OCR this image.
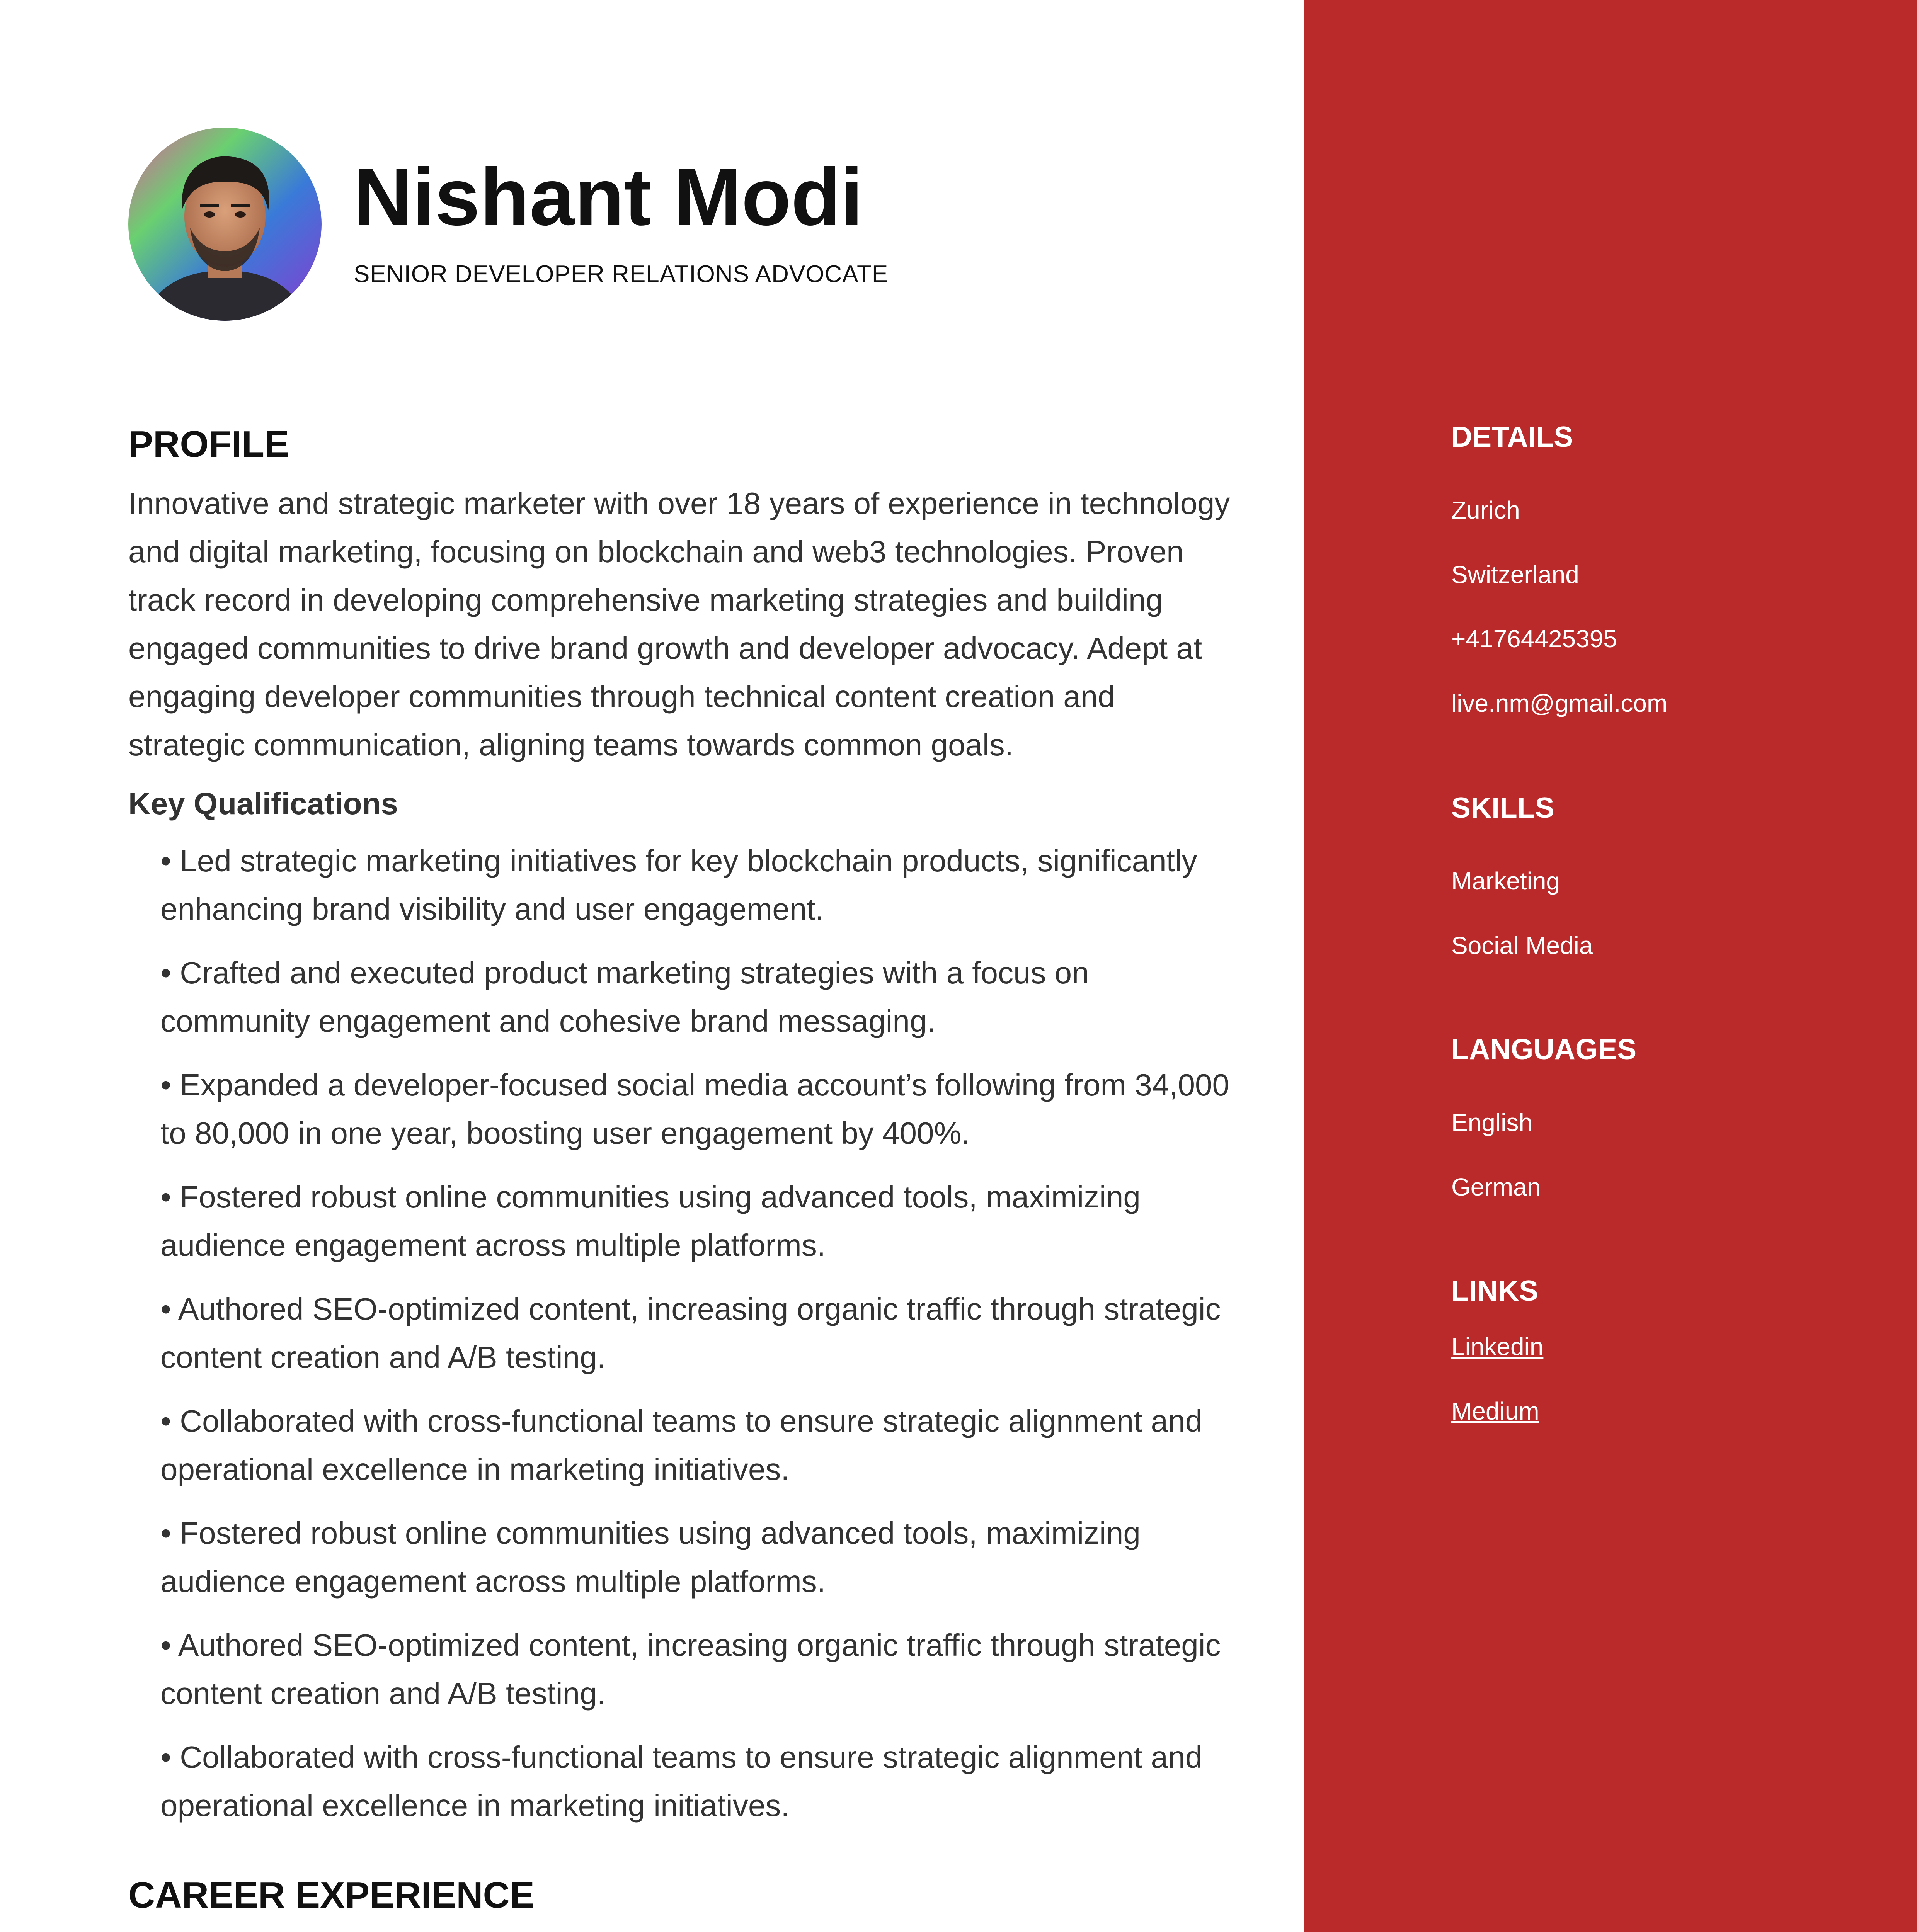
DETAILS
Zurich
Switzerland
+41764425395
live.nm@gmail.com
SKILLS
Marketing
Social Media
LANGUAGES
English
German
LINKS
Linkedin
Medium
Nishant Modi
SENIOR DEVELOPER RELATIONS ADVOCATE
PROFILE

Innovative and strategic marketer with over 18 years of experience in technology and digital marketing, focusing on blockchain and web3 technologies. Proven track record in developing comprehensive marketing strategies and building engaged communities to drive brand growth and developer advocacy. Adept at engaging developer communities through technical content creation and strategic communication, aligning teams towards common goals.

Key Qualifications
• Led strategic marketing initiatives for key blockchain products, significantly enhancing brand visibility and user engagement.
• Crafted and executed product marketing strategies with a focus on community engagement and cohesive brand messaging.
• Expanded a developer-focused social media account’s following from 34,000 to 80,000 in one year, boosting user engagement by 400%.
• Fostered robust online communities using advanced tools, maximizing audience engagement across multiple platforms.
• Authored SEO-optimized content, increasing organic traffic through strategic content creation and A/B testing.
• Collaborated with cross-functional teams to ensure strategic alignment and operational excellence in marketing initiatives.
• Fostered robust online communities using advanced tools, maximizing audience engagement across multiple platforms.
• Authored SEO-optimized content, increasing organic traffic through strategic content creation and A/B testing.
• Collaborated with cross-functional teams to ensure strategic alignment and operational excellence in marketing initiatives.
CAREER EXPERIENCE
